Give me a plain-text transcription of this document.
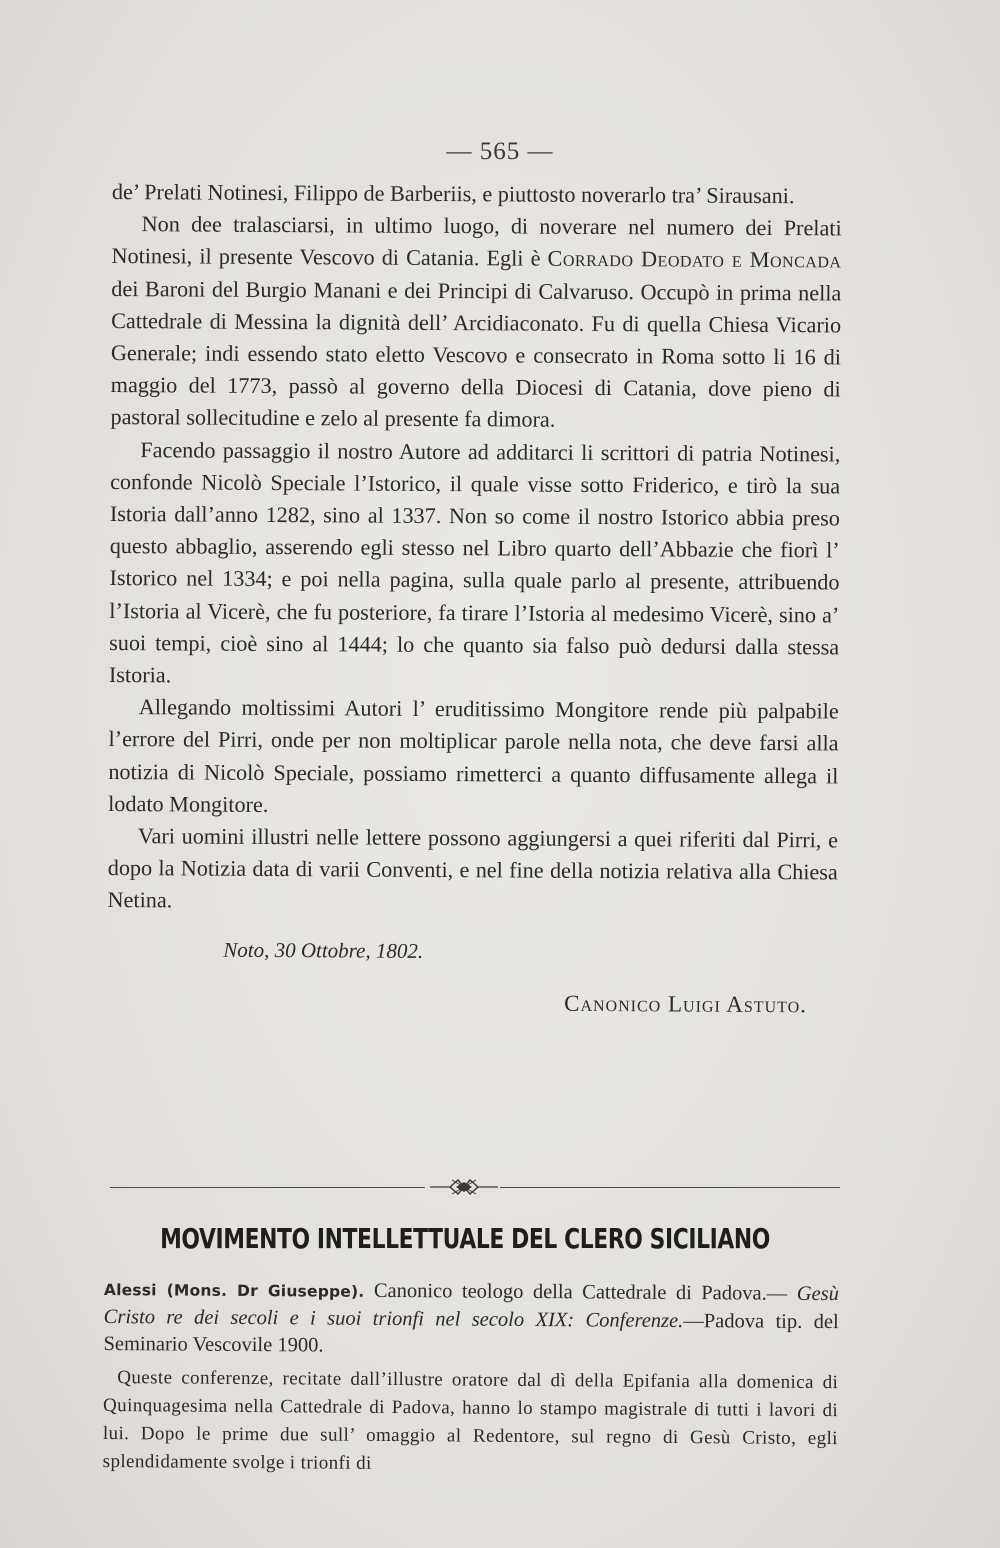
— 565 —

de’ Prelati Notinesi, Filippo de Barberiis, e piuttosto noverarlo tra’ Sirausani.

Non dee tralasciarsi, in ultimo luogo, di noverare nel numero dei Prelati Notinesi, il presente Vescovo di Catania. Egli è Corrado Deodato e Moncada dei Baroni del Burgio Manani e dei Principi di Calvaruso. Occupò in prima nella Cattedrale di Messina la dignità dell’ Arcidiaconato. Fu di quella Chiesa Vicario Generale; indi essendo stato eletto Vescovo e consecrato in Roma sotto li 16 di maggio del 1773, passò al governo della Diocesi di Catania, dove pieno di pastoral sollecitudine e zelo al presente fa dimora.

Facendo passaggio il nostro Autore ad additarci li scrittori di patria Notinesi, confonde Nicolò Speciale l’Istorico, il quale visse sotto Friderico, e tirò la sua Istoria dall’anno 1282, sino al 1337. Non so come il nostro Istorico abbia preso questo abbaglio, asserendo egli stesso nel Libro quarto dell’Abbazie che fiorì l’ Istorico nel 1334; e poi nella pagina, sulla quale parlo al presente, attribuendo l’Istoria al Vicerè, che fu posteriore, fa tirare l’Istoria al medesimo Vicerè, sino a’ suoi tempi, cioè sino al 1444; lo che quanto sia falso può dedursi dalla stessa Istoria.

Allegando moltissimi Autori l’ eruditissimo Mongitore rende più palpabile l’errore del Pirri, onde per non moltiplicar parole nella nota, che deve farsi alla notizia di Nicolò Speciale, possiamo rimetterci a quanto diffusamente allega il lodato Mongitore.

Vari uomini illustri nelle lettere possono aggiungersi a quei riferiti dal Pirri, e dopo la Notizia data di varii Conventi, e nel fine della notizia relativa alla Chiesa Netina.

Noto, 30 Ottobre, 1802.
Canonico Luigi Astuto.
MOVIMENTO INTELLETTUALE DEL CLERO SICILIANO

Alessi (Mons. Dr Giuseppe). Canonico teologo della Cattedrale di Padova.— Gesù Cristo re dei secoli e i suoi trionfi nel secolo XIX: Conferenze.—Padova tip. del Seminario Vescovile 1900.

Queste conferenze, recitate dall’illustre oratore dal dì della Epifania alla domenica di Quinquagesima nella Cattedrale di Padova, hanno lo stampo magistrale di tutti i lavori di lui. Dopo le prime due sull’ omaggio al Redentore, sul regno di Gesù Cristo, egli splendidamente svolge i trionfi di
